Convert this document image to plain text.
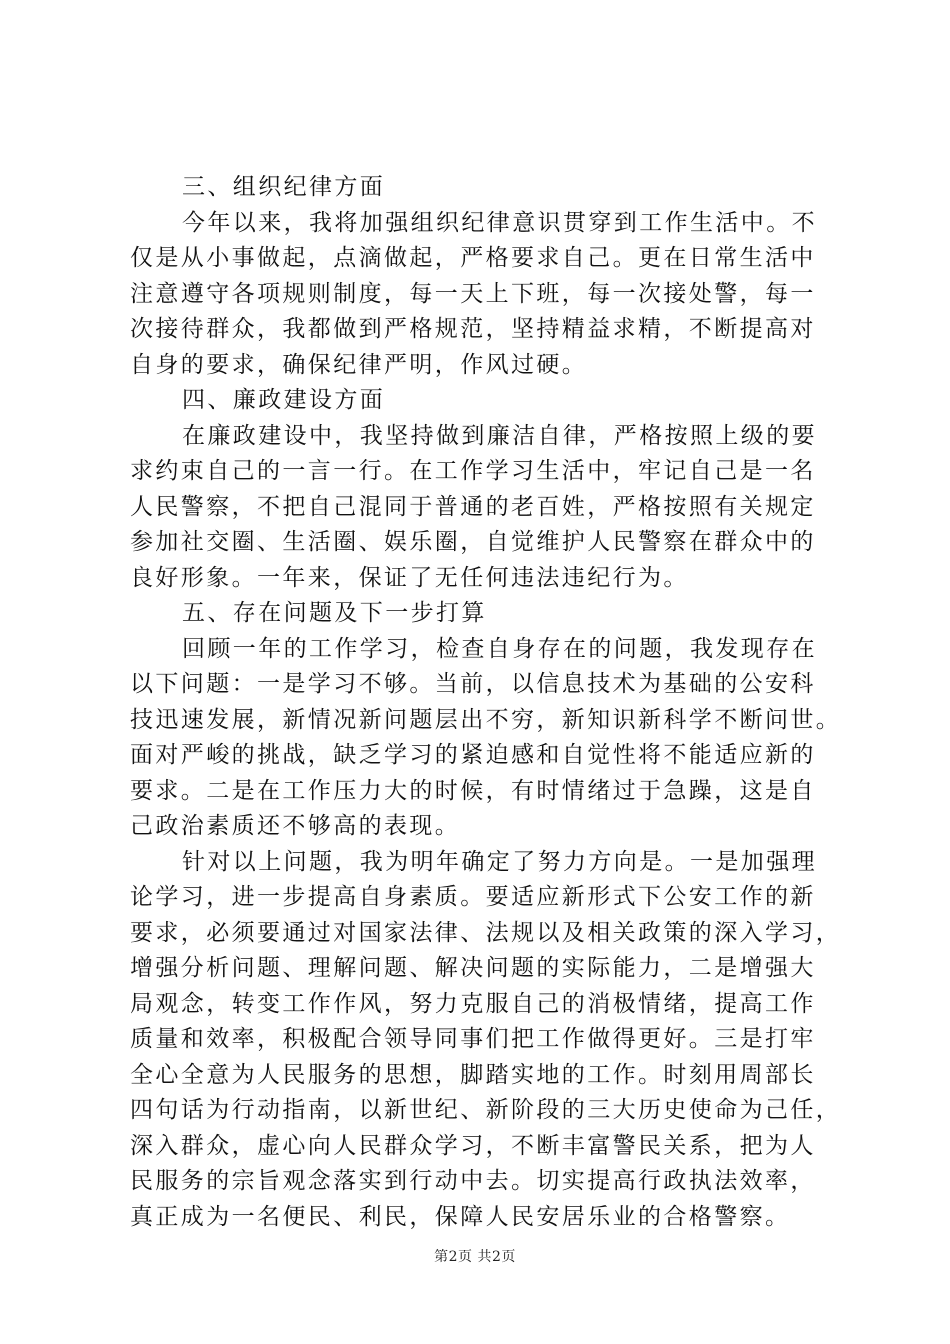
三、组织纪律方面
今年以来，我将加强组织纪律意识贯穿到工作生活中。不
仅是从小事做起，点滴做起，严格要求自己。更在日常生活中
注意遵守各项规则制度，每一天上下班，每一次接处警，每一
次接待群众，我都做到严格规范，坚持精益求精，不断提高对
自身的要求，确保纪律严明，作风过硬。
四、廉政建设方面
在廉政建设中，我坚持做到廉洁自律，严格按照上级的要
求约束自己的一言一行。在工作学习生活中，牢记自己是一名
人民警察，不把自己混同于普通的老百姓，严格按照有关规定
参加社交圈、生活圈、娱乐圈，自觉维护人民警察在群众中的
良好形象。一年来，保证了无任何违法违纪行为。
五、存在问题及下一步打算
回顾一年的工作学习，检查自身存在的问题，我发现存在
以下问题：一是学习不够。当前，以信息技术为基础的公安科
技迅速发展，新情况新问题层出不穷，新知识新科学不断问世。
面对严峻的挑战，缺乏学习的紧迫感和自觉性将不能适应新的
要求。二是在工作压力大的时候，有时情绪过于急躁，这是自
己政治素质还不够高的表现。
针对以上问题，我为明年确定了努力方向是。一是加强理
论学习，进一步提高自身素质。要适应新形式下公安工作的新
要求，必须要通过对国家法律、法规以及相关政策的深入学习，
增强分析问题、理解问题、解决问题的实际能力，二是增强大
局观念，转变工作作风，努力克服自己的消极情绪，提高工作
质量和效率，积极配合领导同事们把工作做得更好。三是打牢
全心全意为人民服务的思想，脚踏实地的工作。时刻用周部长
四句话为行动指南，以新世纪、新阶段的三大历史使命为己任，
深入群众，虚心向人民群众学习，不断丰富警民关系，把为人
民服务的宗旨观念落实到行动中去。切实提高行政执法效率，
真正成为一名便民、利民，保障人民安居乐业的合格警察。
第2页 共2页
